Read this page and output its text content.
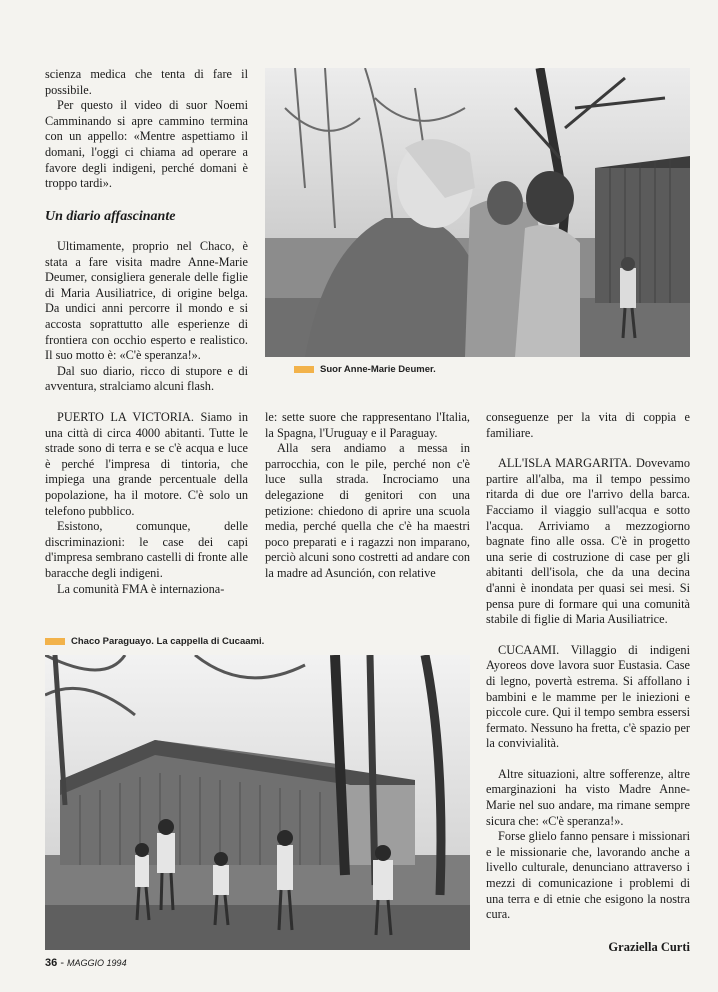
scienza medica che tenta di fare il possibile.

Per questo il video di suor Noemi Camminando si apre cammino termina con un appello: «Mentre aspettiamo il domani, l'oggi ci chiama ad operare a favore degli indigeni, perché domani è troppo tardi».

Un diario affascinante

Ultimamente, proprio nel Chaco, è stata a fare visita madre Anne-Marie Deumer, consigliera generale delle figlie di Maria Ausiliatrice, di origine belga. Da undici anni percorre il mondo e si accosta soprattutto alle esperienze di frontiera con occhio esperto e realistico. Il suo motto è: «C'è speranza!».

Dal suo diario, ricco di stupore e di avventura, stralciamo alcuni flash.

Suor Anne-Marie Deumer.

PUERTO LA VICTORIA. Siamo in una città di circa 4000 abitanti. Tutte le strade sono di terra e se c'è acqua e luce è perché l'impresa di tintoria, che impiega una grande percentuale della popolazione, ha il motore. C'è solo un telefono pubblico.

Esistono, comunque, delle discriminazioni: le case dei capi d'impresa sembrano castelli di fronte alle baracche degli indigeni.

La comunità FMA è internaziona-

le: sette suore che rappresentano l'Italia, la Spagna, l'Uruguay e il Paraguay.

Alla sera andiamo a messa in parrocchia, con le pile, perché non c'è luce sulla strada. Incrociamo una delegazione di genitori con una petizione: chiedono di aprire una scuola media, perché quella che c'è ha maestri poco preparati e i ragazzi non imparano, perciò alcuni sono costretti ad andare con la madre ad Asunción, con relative

conseguenze per la vita di coppia e familiare.

ALL'ISLA MARGARITA. Dovevamo partire all'alba, ma il tempo pessimo ritarda di due ore l'arrivo della barca. Facciamo il viaggio sull'acqua e sotto l'acqua. Arriviamo a mezzogiorno bagnate fino alle ossa. C'è in progetto una serie di costruzione di case per gli abitanti dell'isola, che da una decina d'anni è inondata per quasi sei mesi. Si pensa pure di formare qui una comunità stabile di figlie di Maria Ausiliatrice.

CUCAAMI. Villaggio di indigeni Ayoreos dove lavora suor Eustasia. Case di legno, povertà estrema. Si affollano i bambini e le mamme per le iniezioni e piccole cure. Qui il tempo sembra essersi fermato. Nessuno ha fretta, c'è spazio per la convivialità.

Altre situazioni, altre sofferenze, altre emarginazioni ha visto Madre Anne-Marie nel suo andare, ma rimane sempre sicura che: «C'è speranza!».

Forse glielo fanno pensare i missionari e le missionarie che, lavorando anche a livello culturale, denunciano attraverso i mezzi di comunicazione i problemi di una terra e di etnie che esigono la nostra cura.

Chaco Paraguayo. La cappella di Cucaami.
Graziella Curti
36 - MAGGIO 1994
